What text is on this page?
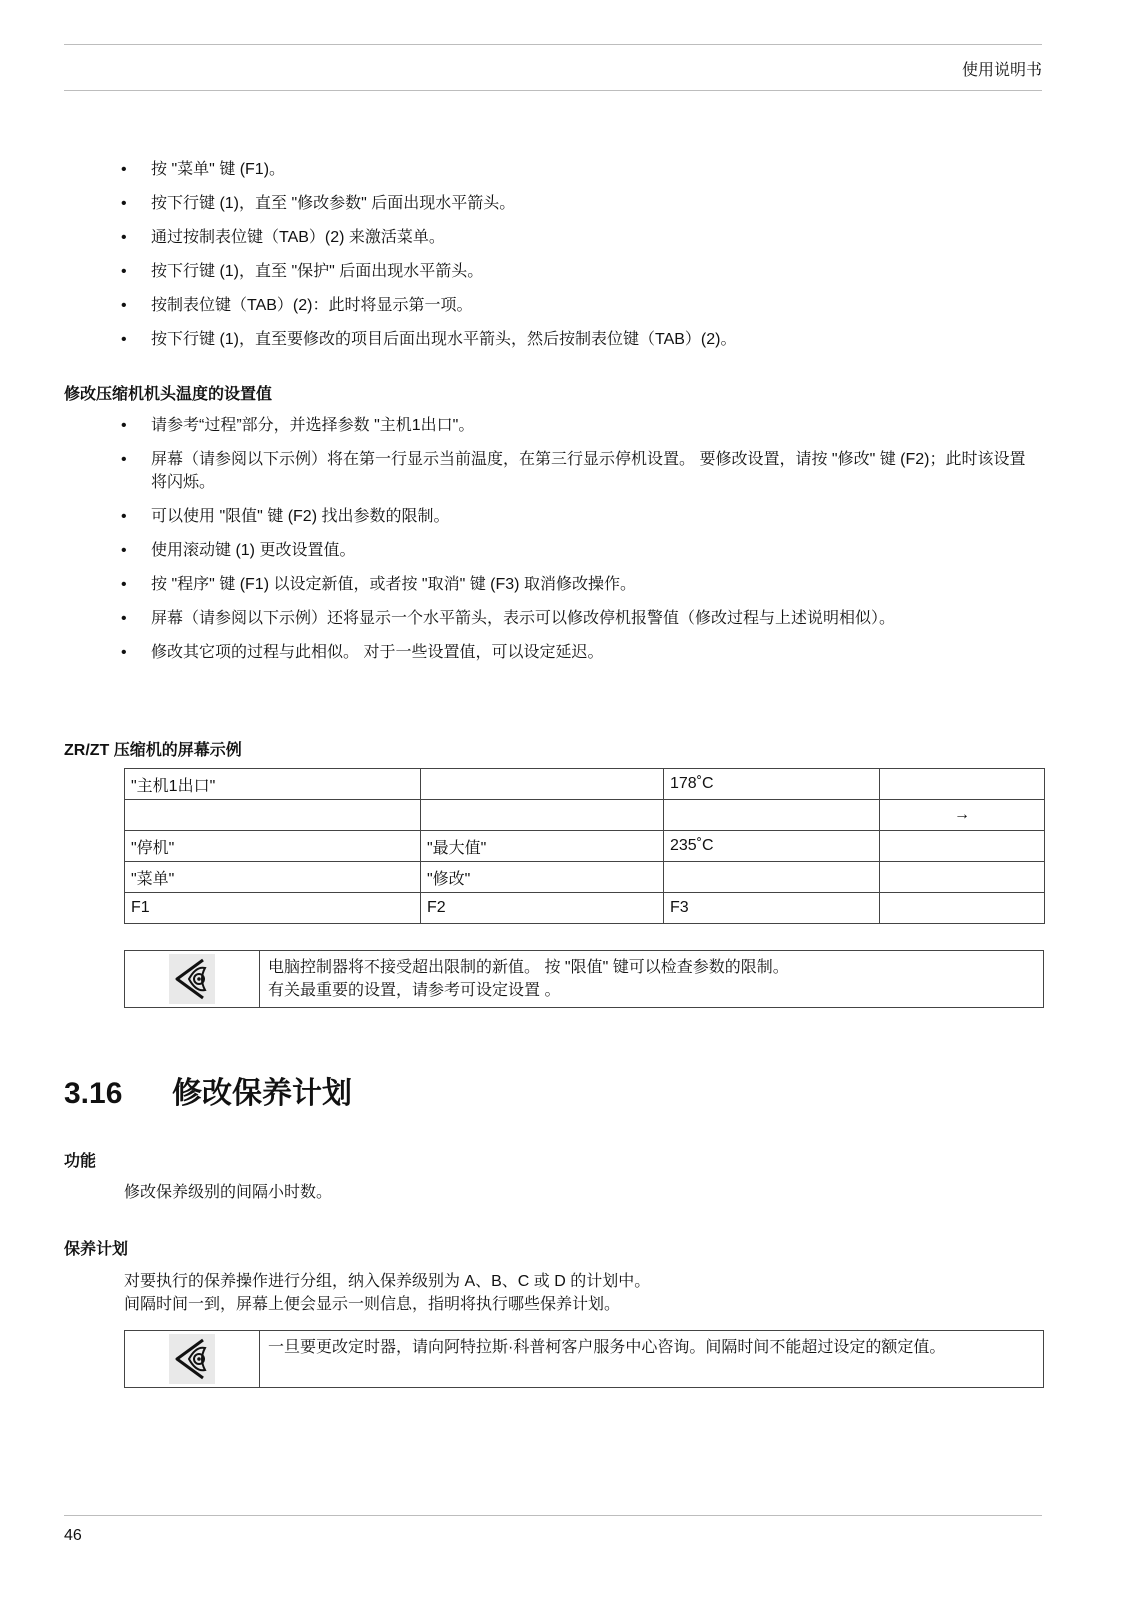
使用说明书
• 按 "菜单" 键 (F1)。
• 按下行键 (1)，直至 "修改参数" 后面出现水平箭头。
• 通过按制表位键（TAB）(2) 来激活菜单。
• 按下行键 (1)，直至 "保护" 后面出现水平箭头。
• 按制表位键（TAB）(2)：此时将显示第一项。
• 按下行键 (1)，直至要修改的项目后面出现水平箭头，然后按制表位键（TAB）(2)。
修改压缩机机头温度的设置值
• 请参考“过程”部分，并选择参数 "主机1出口"。
• 屏幕（请参阅以下示例）将在第一行显示当前温度，在第三行显示停机设置。 要修改设置，请按 "修改" 键 (F2)；此时该设置将闪烁。
• 可以使用 "限值" 键 (F2) 找出参数的限制。
• 使用滚动键 (1) 更改设置值。
• 按 "程序" 键 (F1) 以设定新值，或者按 "取消" 键 (F3) 取消修改操作。
• 屏幕（请参阅以下示例）还将显示一个水平箭头，表示可以修改停机报警值（修改过程与上述说明相似）。
• 修改其它项的过程与此相似。 对于一些设置值，可以设定延迟。
ZR/ZT 压缩机的屏幕示例
"主机1出口"		178˚C	
			→
"停机"	"最大值"	235˚C	
"菜单"	"修改"		
F1	F2	F3	
电脑控制器将不接受超出限制的新值。 按 "限值" 键可以检查参数的限制。
有关最重要的设置，请参考可设定设置 。
3.16 修改保养计划
功能
修改保养级别的间隔小时数。
保养计划
对要执行的保养操作进行分组，纳入保养级别为 A、B、C 或 D 的计划中。
间隔时间一到，屏幕上便会显示一则信息，指明将执行哪些保养计划。
一旦要更改定时器，请向阿特拉斯·科普柯客户服务中心咨询。间隔时间不能超过设定的额定值。
46
